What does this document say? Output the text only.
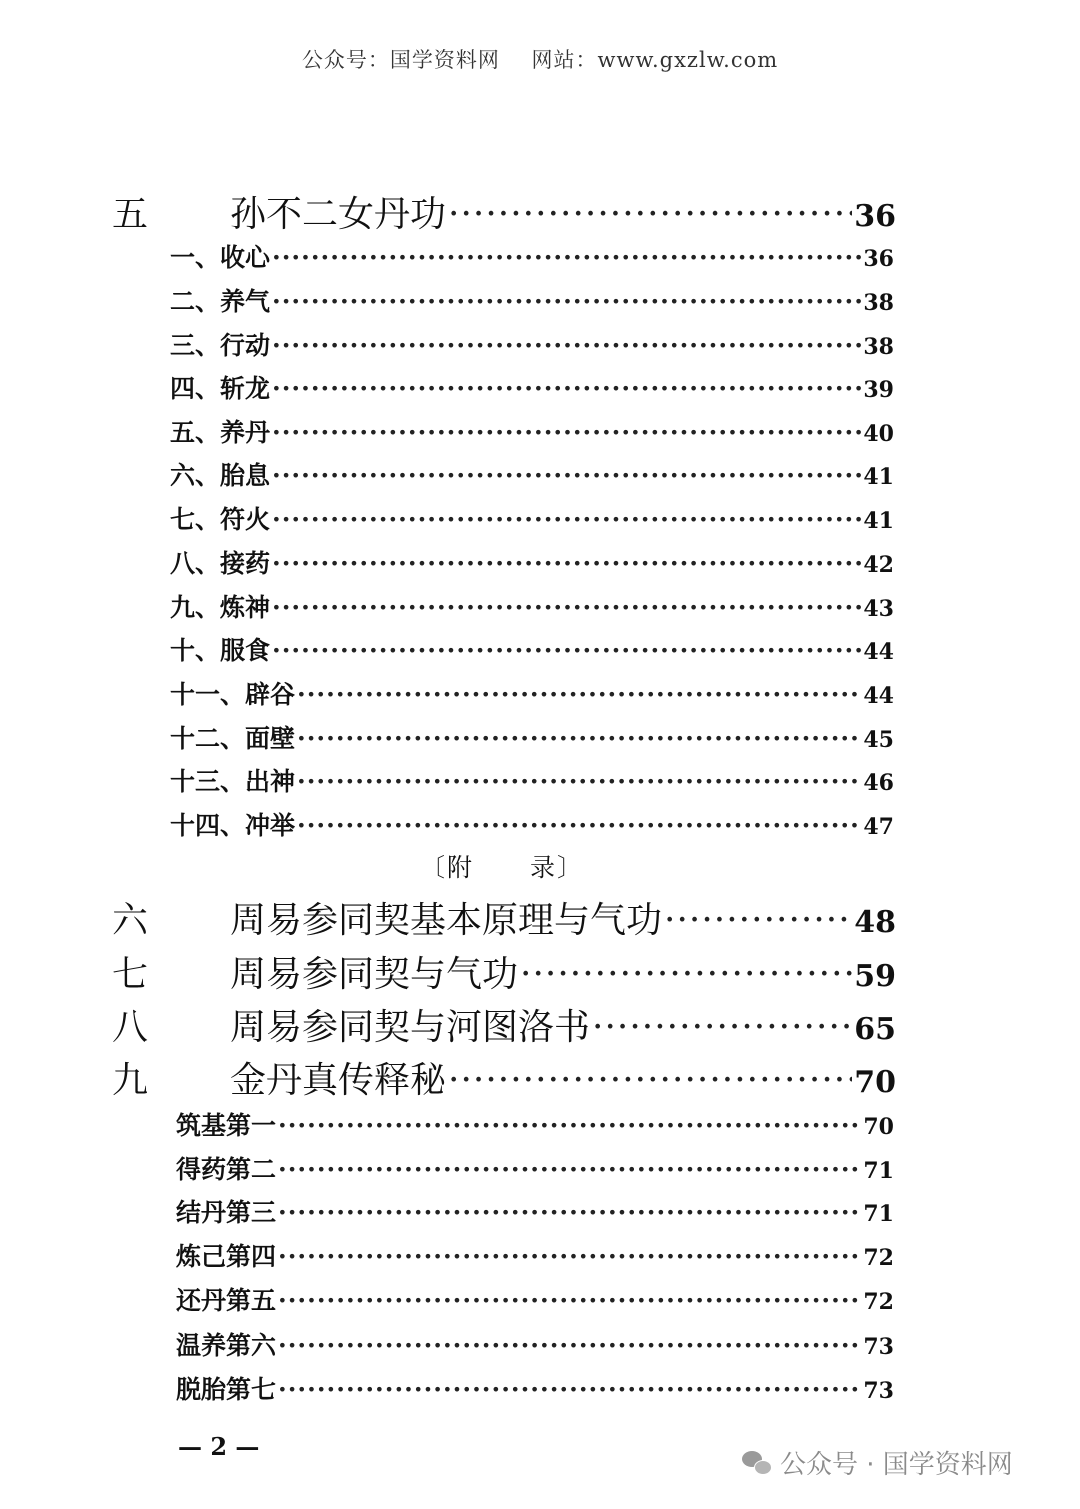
公众号：国学资料网 网站：www.gxzlw.com
五	孙不二女丹功 ·····	36
一、收心 ·····	36
二、养气 ·····	38
三、行动 ·····	38
四、斩龙 ·····	39
五、养丹 ·····	40
六、胎息 ·····	41
七、符火 ·····	41
八、接药 ·····	42
九、炼神 ·····	43
十、服食 ·····	44
十一、辟谷 ·····	44
十二、面壁 ·····	45
十三、出神 ·····	46
十四、冲举 ·····	47
〔附 录〕
六	周易参同契基本原理与气功 ·····	48
七	周易参同契与气功 ·····	59
八	周易参同契与河图洛书 ·····	65
九	金丹真传释秘 ·····	70
筑基第一 ·····	70
得药第二 ·····	71
结丹第三 ·····	71
炼己第四 ·····	72
还丹第五 ·····	72
温养第六 ·····	73
脱胎第七 ·····	73
— 2 —
公众号 · 国学资料网
